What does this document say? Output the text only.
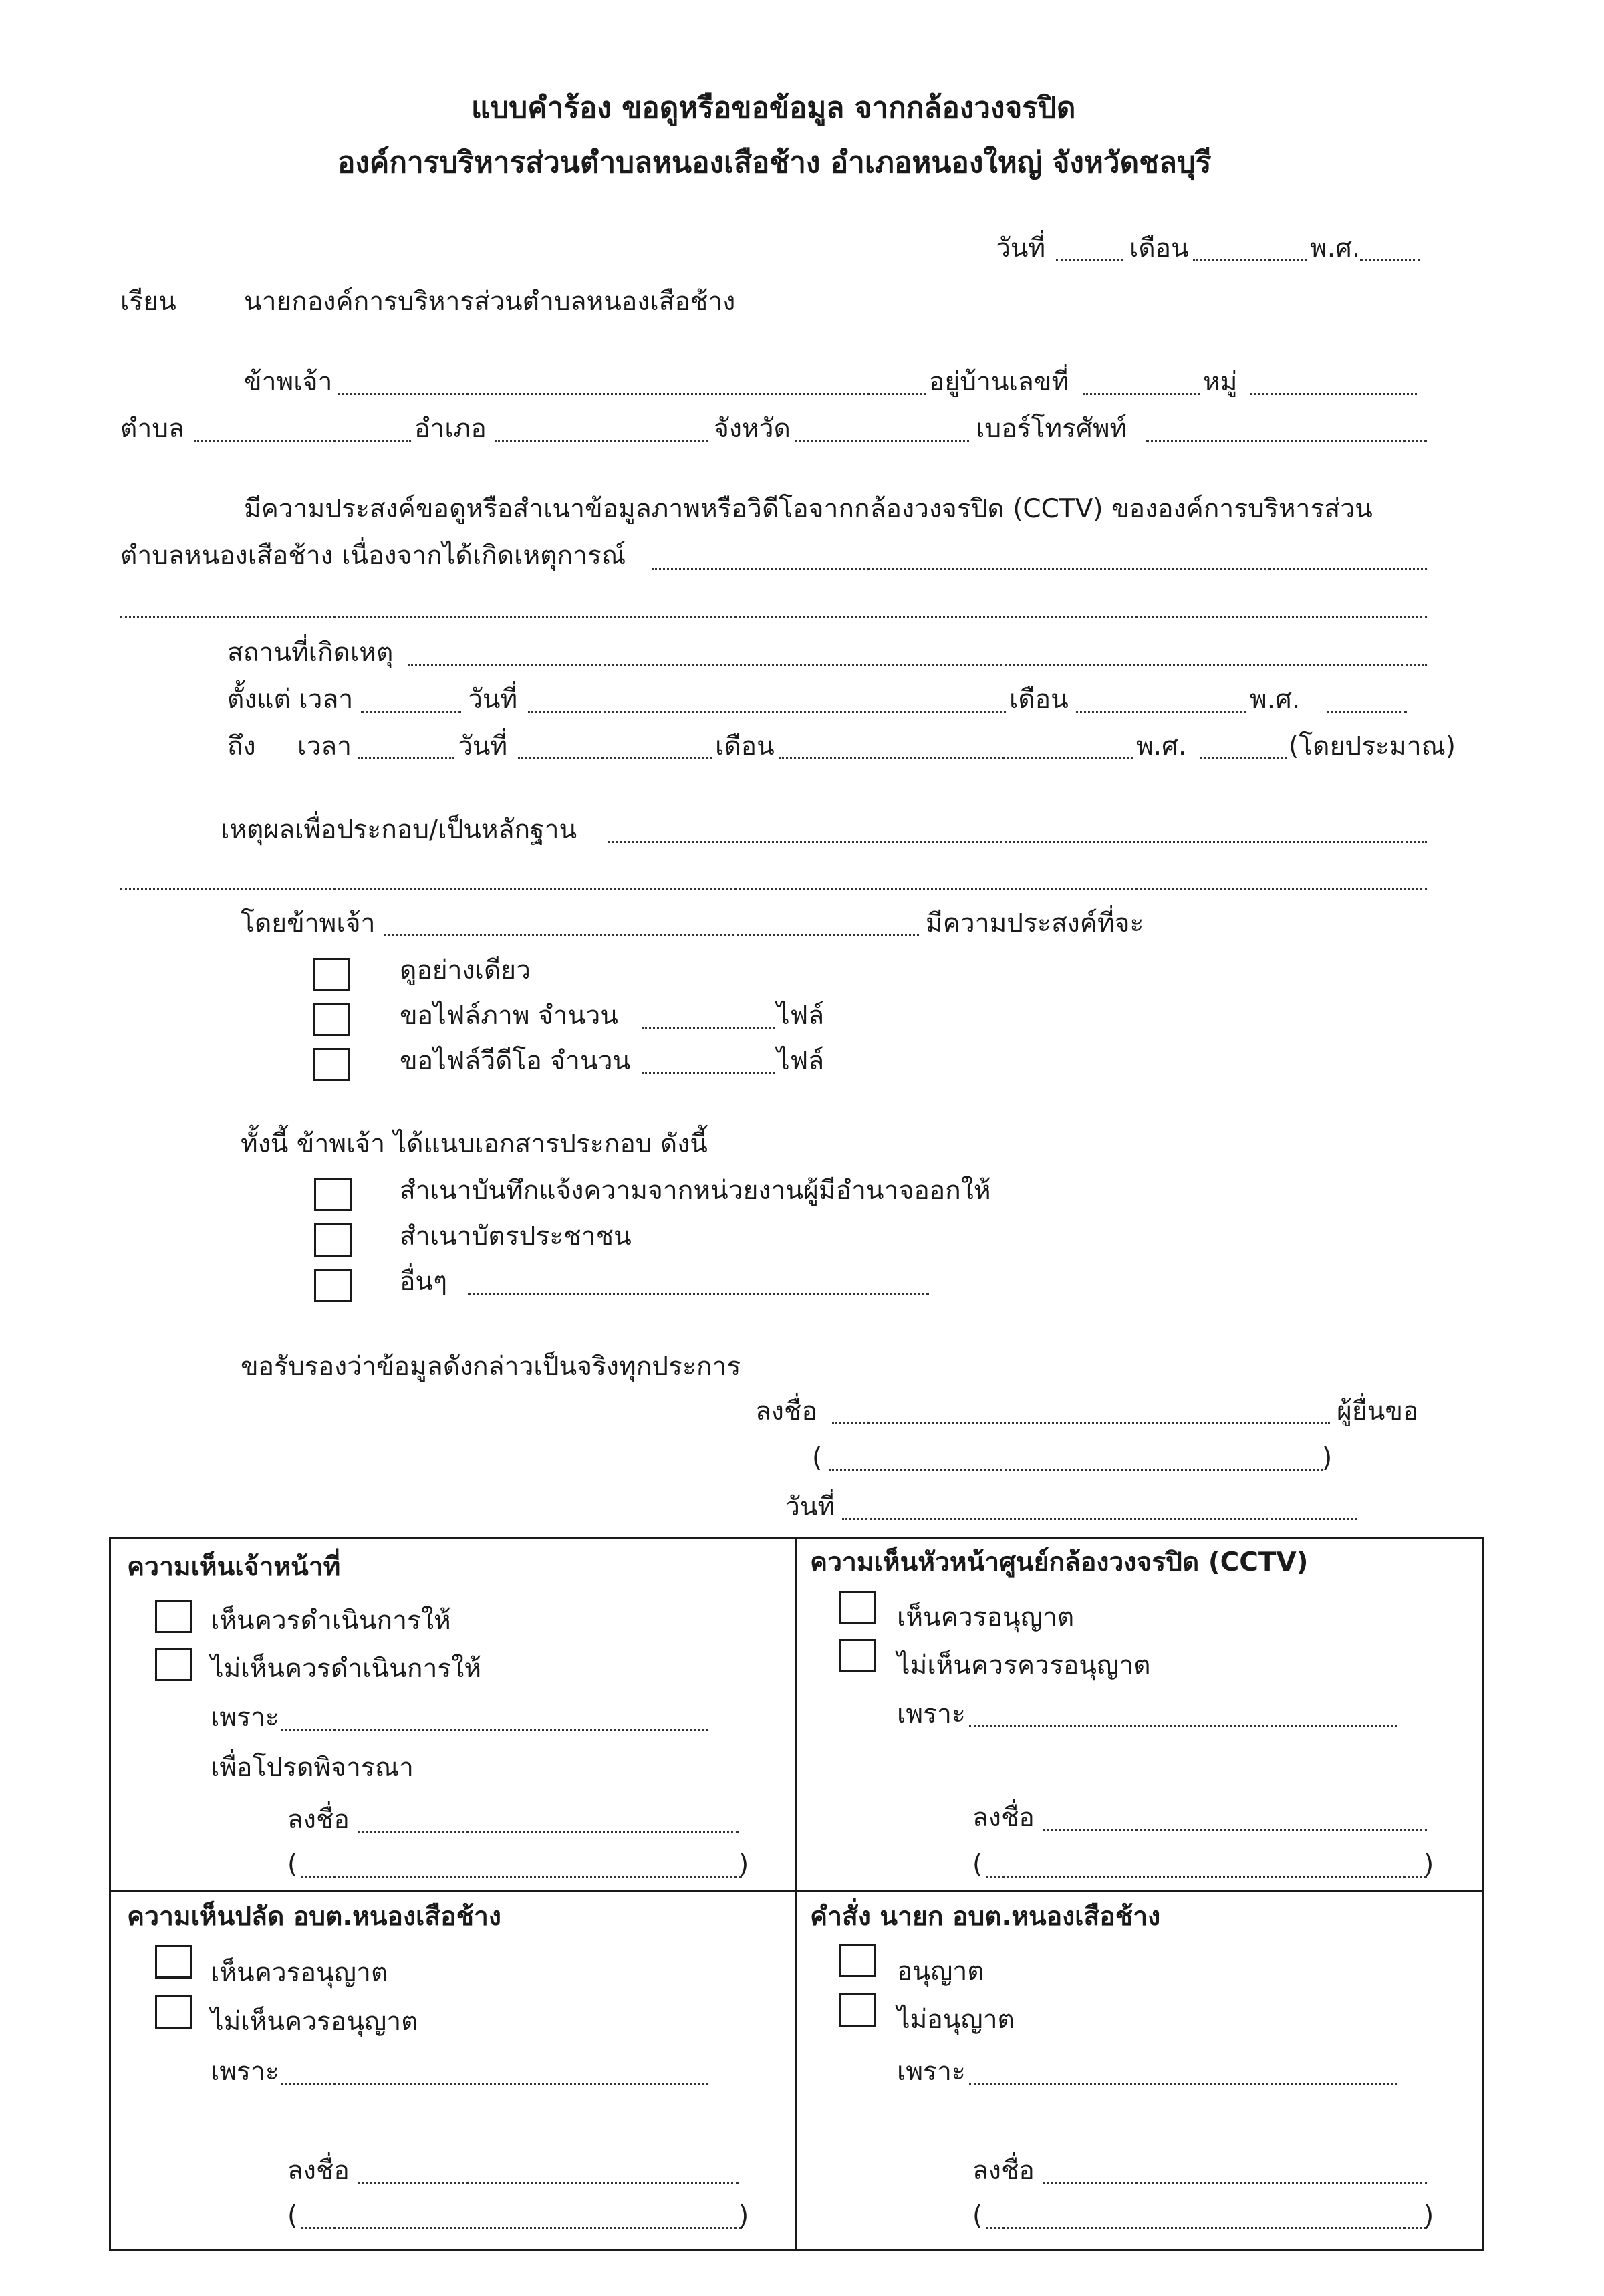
แบบคำร้อง ขอดูหรือขอข้อมูล จากกล้องวงจรปิด
องค์การบริหารส่วนตำบลหนองเสือช้าง อำเภอหนองใหญ่ จังหวัดชลบุรี
วันที่	เดือน	พ.ศ.
เรียน	นายกองค์การบริหารส่วนตำบลหนองเสือช้าง
ข้าพเจ้า	อยู่บ้านเลขที่	หมู่
ตำบล	อำเภอ	จังหวัด	เบอร์โทรศัพท์
มีความประสงค์ขอดูหรือสำเนาข้อมูลภาพหรือวิดีโอจากกล้องวงจรปิด (CCTV) ขององค์การบริหารส่วน
ตำบลหนองเสือช้าง เนื่องจากได้เกิดเหตุการณ์
สถานที่เกิดเหตุ
ตั้งแต่ เวลา	วันที่	เดือน	พ.ศ.
ถึง เวลา	วันที่	เดือน	พ.ศ.	(โดยประมาณ)
เหตุผลเพื่อประกอบ/เป็นหลักฐาน
โดยข้าพเจ้า	มีความประสงค์ที่จะ
ดูอย่างเดียว
ขอไฟล์ภาพ จำนวน	ไฟล์
ขอไฟล์วีดีโอ จำนวน	ไฟล์
ทั้งนี้ ข้าพเจ้า ได้แนบเอกสารประกอบ ดังนี้
สำเนาบันทึกแจ้งความจากหน่วยงานผู้มีอำนาจออกให้
สำเนาบัตรประชาชน
อื่นๆ
ขอรับรองว่าข้อมูลดังกล่าวเป็นจริงทุกประการ
ลงชื่อ	ผู้ยื่นขอ
(	)
วันที่
ความเห็นเจ้าหน้าที่
เห็นควรดำเนินการให้
ไม่เห็นควรดำเนินการให้
เพราะ
เพื่อโปรดพิจารณา
ลงชื่อ
(	)
ความเห็นหัวหน้าศูนย์กล้องวงจรปิด (CCTV)
เห็นควรอนุญาต
ไม่เห็นควรควรอนุญาต
เพราะ
ลงชื่อ
(	)
ความเห็นปลัด อบต.หนองเสือช้าง
เห็นควรอนุญาต
ไม่เห็นควรอนุญาต
เพราะ
ลงชื่อ
(	)
คำสั่ง นายก อบต.หนองเสือช้าง
อนุญาต
ไม่อนุญาต
เพราะ
ลงชื่อ
(	)
